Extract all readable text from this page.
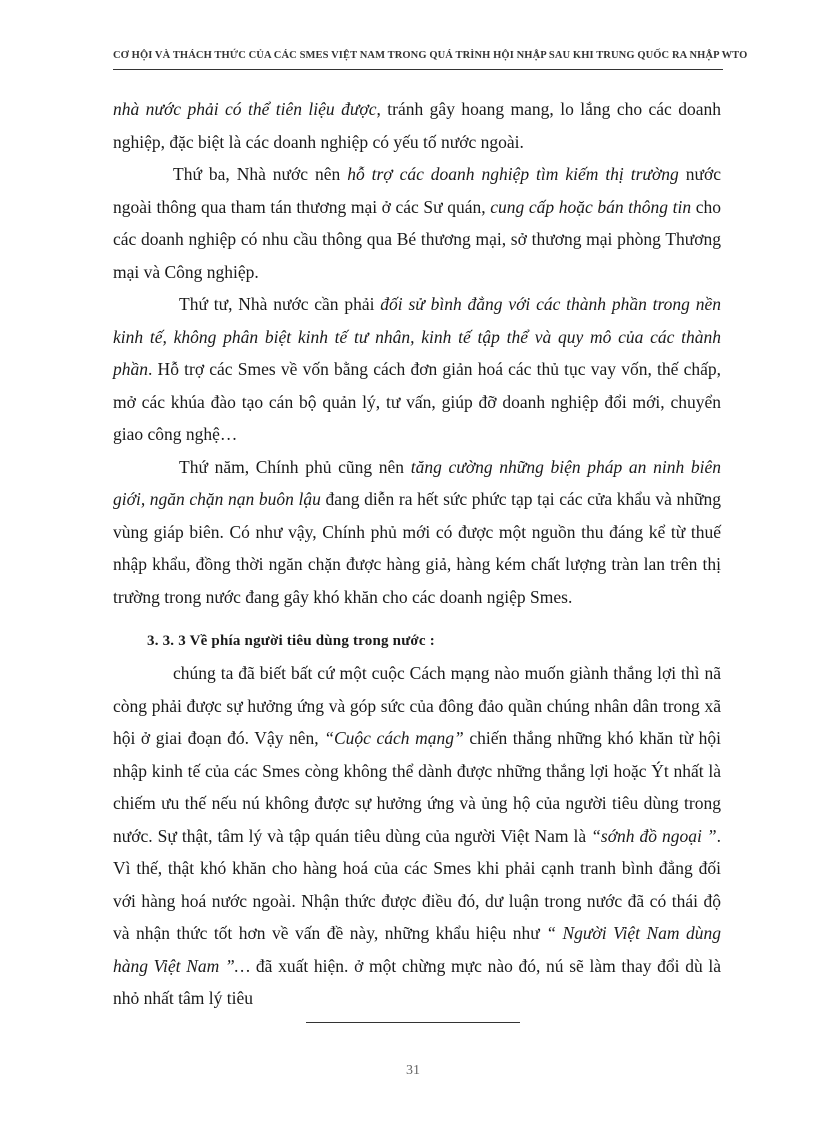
CƠ HỘI VÀ THÁCH THỨC CỦA CÁC SMES VIỆT NAM TRONG QUÁ TRÌNH HỘI NHẬP SAU KHI TRUNG QUỐC RA NHẬP WTO

nhà nước phải có thể tiên liệu được, tránh gây hoang mang, lo lắng cho các doanh nghiệp, đặc biệt là các doanh nghiệp có yếu tố nước ngoài.

Thứ ba, Nhà nước nên hỗ trợ các doanh nghiệp tìm kiếm thị trường nước ngoài thông qua tham tán thương mại ở các Sư quán, cung cấp hoặc bán thông tin cho các doanh nghiệp có nhu cầu thông qua Bé thương mại, sở thương mại phòng Thương mại và Công nghiệp.

Thứ tư, Nhà nước cần phải đối sử bình đẳng với các thành phần trong nền kinh tế, không phân biệt kinh tế tư nhân, kinh tế tập thể và quy mô của các thành phần. Hỗ trợ các Smes về vốn bằng cách đơn giản hoá các thủ tục vay vốn, thế chấp, mở các khúa đào tạo cán bộ quản lý, tư vấn, giúp đỡ doanh nghiệp đổi mới, chuyển giao công nghệ…

Thứ năm, Chính phủ cũng nên tăng cường những biện pháp an ninh biên giới, ngăn chặn nạn buôn lậu đang diễn ra hết sức phức tạp tại các cửa khẩu và những vùng giáp biên. Có như vậy, Chính phủ mới có được một nguồn thu đáng kể từ thuế nhập khẩu, đồng thời ngăn chặn được hàng giả, hàng kém chất lượng tràn lan trên thị trường trong nước đang gây khó khăn cho các doanh ngiệp Smes.

3. 3. 3 Về phía người tiêu dùng trong nước :

chúng ta đã biết bất cứ một cuộc Cách mạng nào muốn giành thắng lợi thì nã còng phải được sự hưởng ứng và góp sức của đông đảo quần chúng nhân dân trong xã hội ở giai đoạn đó. Vậy nên, “Cuộc cách mạng” chiến thắng những khó khăn từ hội nhập kinh tế của các Smes còng không thể dành được những thắng lợi hoặc Ýt nhất là chiếm ưu thế nếu nú không được sự hưởng ứng và ủng hộ của người tiêu dùng trong nước. Sự thật, tâm lý và tập quán tiêu dùng của người Việt Nam là “sớnh đồ ngoại ”. Vì thế, thật khó khăn cho hàng hoá của các Smes khi phải cạnh tranh bình đẳng đối với hàng hoá nước ngoài. Nhận thức được điều đó, dư luận trong nước đã có thái độ và nhận thức tốt hơn về vấn đề này, những khẩu hiệu như “ Người Việt Nam dùng hàng Việt Nam ”… đã xuất hiện. ở một chừng mực nào đó, nú sẽ làm thay đổi dù là nhỏ nhất tâm lý tiêu

31
